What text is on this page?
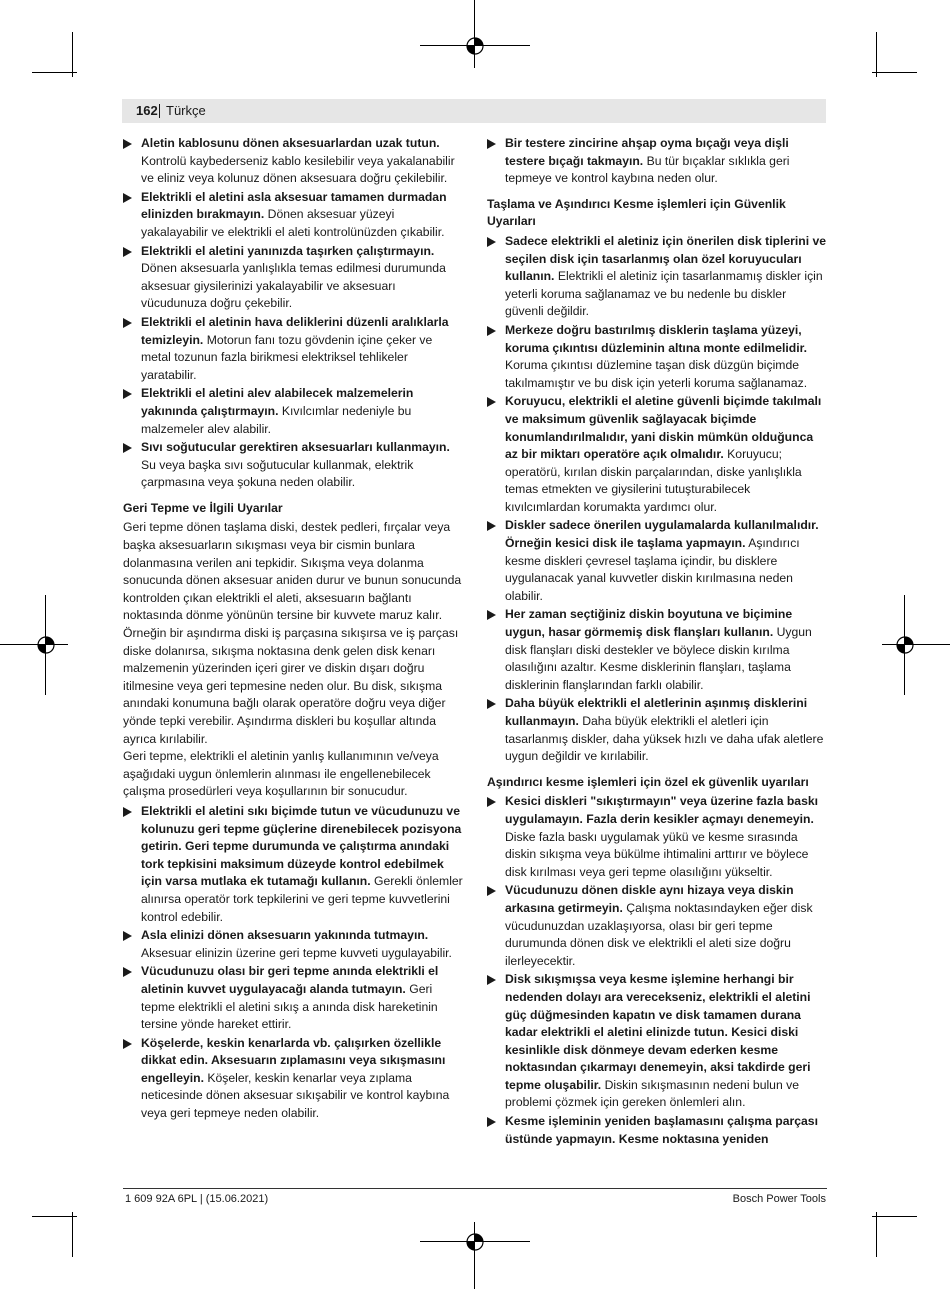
162 Türkçe
Aletin kablosunu dönen aksesuarlardan uzak tutun. Kontrolü kaybederseniz kablo kesilebilir veya yakalanabilir ve eliniz veya kolunuz dönen aksesuara doğru çekilebilir.
Elektrikli el aletini asla aksesuar tamamen durmadan elinizden bırakmayın. Dönen aksesuar yüzeyi yakalayabilir ve elektrikli el aleti kontrolünüzden çıkabilir.
Elektrikli el aletini yanınızda taşırken çalıştırmayın. Dönen aksesuarla yanlışlıkla temas edilmesi durumunda aksesuar giysilerinizi yakalayabilir ve aksesuarı vücudunuza doğru çekebilir.
Elektrikli el aletinin hava deliklerini düzenli aralıklarla temizleyin. Motorun fanı tozu gövdenin içine çeker ve metal tozunun fazla birikmesi elektriksel tehlikeler yaratabilir.
Elektrikli el aletini alev alabilecek malzemelerin yakınında çalıştırmayın. Kıvılcımlar nedeniyle bu malzemeler alev alabilir.
Sıvı soğutucular gerektiren aksesuarları kullanmayın. Su veya başka sıvı soğutucular kullanmak, elektrik çarpmasına veya şokuna neden olabilir.
Geri Tepme ve İlgili Uyarılar

Geri tepme dönen taşlama diski, destek pedleri, fırçalar veya başka aksesuarların sıkışması veya bir cismin bunlara dolanmasına verilen ani tepkidir. Sıkışma veya dolanma sonucunda dönen aksesuar aniden durur ve bunun sonucunda kontrolden çıkan elektrikli el aleti, aksesuarın bağlantı noktasında dönme yönünün tersine bir kuvvete maruz kalır.

Örneğin bir aşındırma diski iş parçasına sıkışırsa ve iş parçası diske dolanırsa, sıkışma noktasına denk gelen disk kenarı malzemenin yüzerinden içeri girer ve diskin dışarı doğru itilmesine veya geri tepmesine neden olur. Bu disk, sıkışma anındaki konumuna bağlı olarak operatöre doğru veya diğer yönde tepki verebilir. Aşındırma diskleri bu koşullar altında ayrıca kırılabilir.

Geri tepme, elektrikli el aletinin yanlış kullanımının ve/veya aşağıdaki uygun önlemlerin alınması ile engellenebilecek çalışma prosedürleri veya koşullarının bir sonucudur.

Elektrikli el aletini sıkı biçimde tutun ve vücudunuzu ve kolunuzu geri tepme güçlerine direnebilecek pozisyona getirin. Geri tepme durumunda ve çalıştırma anındaki tork tepkisini maksimum düzeyde kontrol edebilmek için varsa mutlaka ek tutamağı kullanın. Gerekli önlemler alınırsa operatör tork tepkilerini ve geri tepme kuvvetlerini kontrol edebilir.
Asla elinizi dönen aksesuarın yakınında tutmayın. Aksesuar elinizin üzerine geri tepme kuvveti uygulayabilir.
Vücudunuzu olası bir geri tepme anında elektrikli el aletinin kuvvet uygulayacağı alanda tutmayın. Geri tepme elektrikli el aletini sıkış a anında disk hareketinin tersine yönde hareket ettirir.
Köşelerde, keskin kenarlarda vb. çalışırken özellikle dikkat edin. Aksesuarın zıplamasını veya sıkışmasını engelleyin. Köşeler, keskin kenarlar veya zıplama neticesinde dönen aksesuar sıkışabilir ve kontrol kaybına veya geri tepmeye neden olabilir.
Bir testere zincirine ahşap oyma bıçağı veya dişli testere bıçağı takmayın. Bu tür bıçaklar sıklıkla geri tepmeye ve kontrol kaybına neden olur.
Taşlama ve Aşındırıcı Kesme işlemleri için Güvenlik Uyarıları
Sadece elektrikli el aletiniz için önerilen disk tiplerini ve seçilen disk için tasarlanmış olan özel koruyucuları kullanın. Elektrikli el aletiniz için tasarlanmamış diskler için yeterli koruma sağlanamaz ve bu nedenle bu diskler güvenli değildir.
Merkeze doğru bastırılmış disklerin taşlama yüzeyi, koruma çıkıntısı düzleminin altına monte edilmelidir. Koruma çıkıntısı düzlemine taşan disk düzgün biçimde takılmamıştır ve bu disk için yeterli koruma sağlanamaz.
Koruyucu, elektrikli el aletine güvenli biçimde takılmalı ve maksimum güvenlik sağlayacak biçimde konumlandırılmalıdır, yani diskin mümkün olduğunca az bir miktarı operatöre açık olmalıdır. Koruyucu; operatörü, kırılan diskin parçalarından, diske yanlışlıkla temas etmekten ve giysilerini tutuşturabilecek kıvılcımlardan korumakta yardımcı olur.
Diskler sadece önerilen uygulamalarda kullanılmalıdır. Örneğin kesici disk ile taşlama yapmayın. Aşındırıcı kesme diskleri çevresel taşlama içindir, bu disklere uygulanacak yanal kuvvetler diskin kırılmasına neden olabilir.
Her zaman seçtiğiniz diskin boyutuna ve biçimine uygun, hasar görmemiş disk flanşları kullanın. Uygun disk flanşları diski destekler ve böylece diskin kırılma olasılığını azaltır. Kesme disklerinin flanşları, taşlama disklerinin flanşlarından farklı olabilir.
Daha büyük elektrikli el aletlerinin aşınmış disklerini kullanmayın. Daha büyük elektrikli el aletleri için tasarlanmış diskler, daha yüksek hızlı ve daha ufak aletlere uygun değildir ve kırılabilir.
Aşındırıcı kesme işlemleri için özel ek güvenlik uyarıları
Kesici diskleri "sıkıştırmayın" veya üzerine fazla baskı uygulamayın. Fazla derin kesikler açmayı denemeyin. Diske fazla baskı uygulamak yükü ve kesme sırasında diskin sıkışma veya bükülme ihtimalini arttırır ve böylece disk kırılması veya geri tepme olasılığını yükseltir.
Vücudunuzu dönen diskle aynı hizaya veya diskin arkasına getirmeyin. Çalışma noktasındayken eğer disk vücudunuzdan uzaklaşıyorsa, olası bir geri tepme durumunda dönen disk ve elektrikli el aleti size doğru ilerleyecektir.
Disk sıkışmışsa veya kesme işlemine herhangi bir nedenden dolayı ara verecekseniz, elektrikli el aletini güç düğmesinden kapatın ve disk tamamen durana kadar elektrikli el aletini elinizde tutun. Kesici diski kesinlikle disk dönmeye devam ederken kesme noktasından çıkarmayı denemeyin, aksi takdirde geri tepme oluşabilir. Diskin sıkışmasının nedeni bulun ve problemi çözmek için gereken önlemleri alın.
Kesme işleminin yeniden başlamasını çalışma parçası üstünde yapmayın. Kesme noktasına yeniden
1 609 92A 6PL | (15.06.2021)	Bosch Power Tools
